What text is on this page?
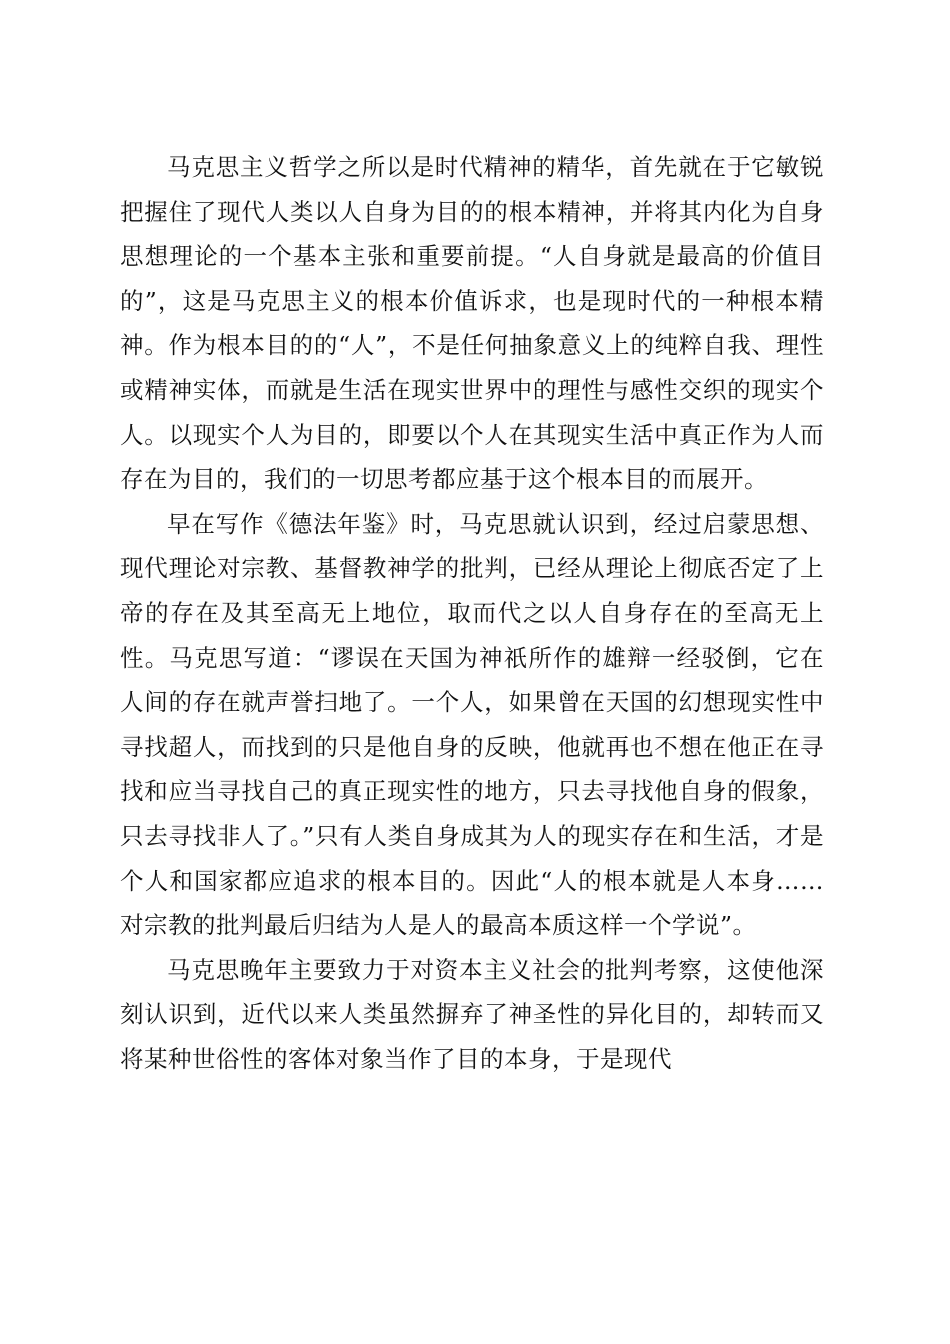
马克思主义哲学之所以是时代精神的精华，首先就在于它敏锐把握住了现代人类以人自身为目的的根本精神，并将其内化为自身思想理论的一个基本主张和重要前提。“人自身就是最高的价值目的”，这是马克思主义的根本价值诉求，也是现时代的一种根本精神。作为根本目的的“人”，不是任何抽象意义上的纯粹自我、理性或精神实体，而就是生活在现实世界中的理性与感性交织的现实个人。以现实个人为目的，即要以个人在其现实生活中真正作为人而存在为目的，我们的一切思考都应基于这个根本目的而展开。

早在写作《德法年鉴》时，马克思就认识到，经过启蒙思想、现代理论对宗教、基督教神学的批判，已经从理论上彻底否定了上帝的存在及其至高无上地位，取而代之以人自身存在的至高无上性。马克思写道：“谬误在天国为神祇所作的雄辩一经驳倒，它在人间的存在就声誉扫地了。一个人，如果曾在天国的幻想现实性中寻找超人，而找到的只是他自身的反映，他就再也不想在他正在寻找和应当寻找自己的真正现实性的地方，只去寻找他自身的假象，只去寻找非人了。”只有人类自身成其为人的现实存在和生活，才是个人和国家都应追求的根本目的。因此“人的根本就是人本身……对宗教的批判最后归结为人是人的最高本质这样一个学说”。

马克思晚年主要致力于对资本主义社会的批判考察，这使他深刻认识到，近代以来人类虽然摒弃了神圣性的异化目的，却转而又将某种世俗性的客体对象当作了目的本身，于是现代
